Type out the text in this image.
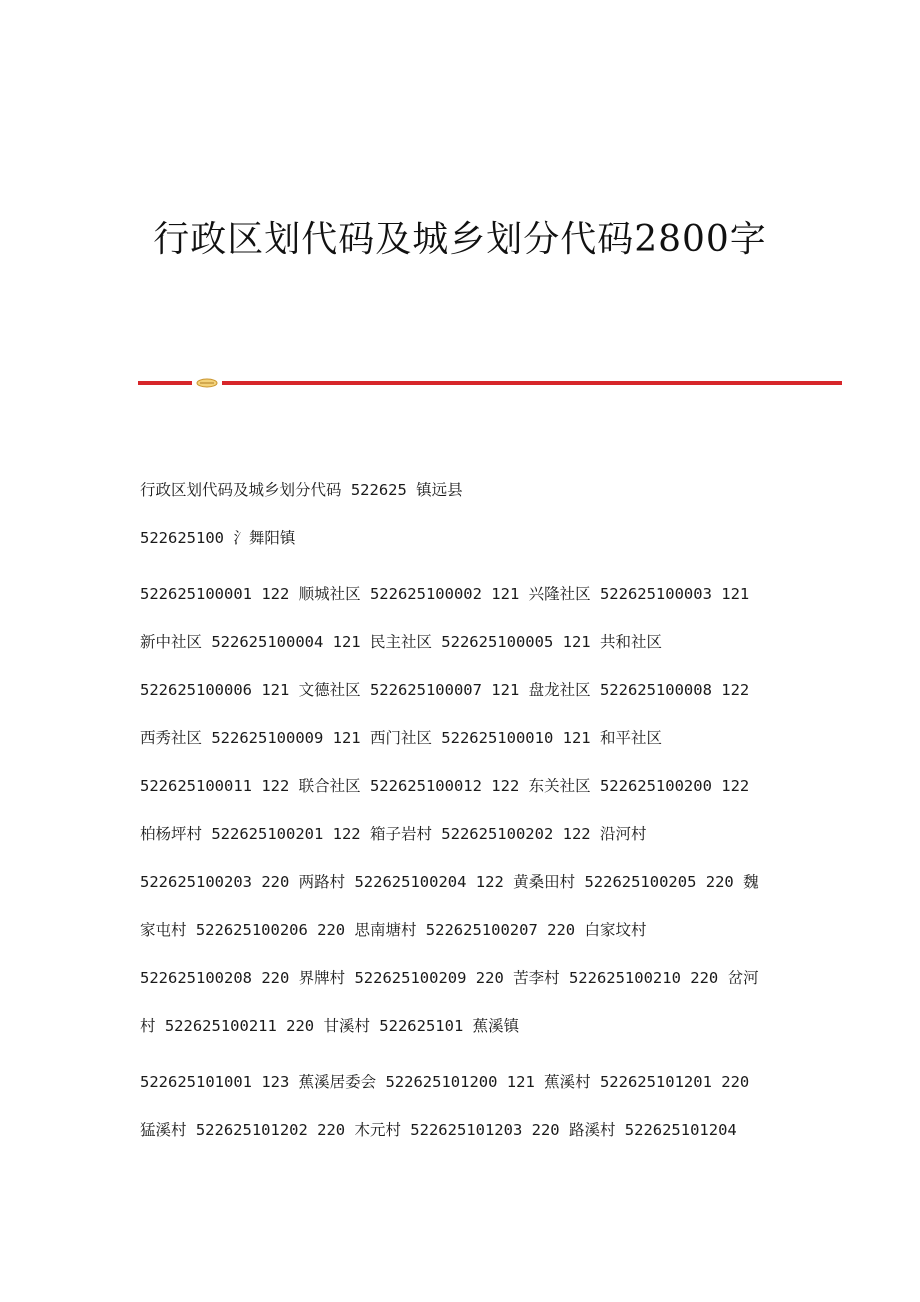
行政区划代码及城乡划分代码2800字

行政区划代码及城乡划分代码 522625 镇远县

522625100 氵舞阳镇

522625100001 122 顺城社区 522625100002 121 兴隆社区 522625100003 121

新中社区 522625100004 121 民主社区 522625100005 121 共和社区

522625100006 121 文德社区 522625100007 121 盘龙社区 522625100008 122

西秀社区 522625100009 121 西门社区 522625100010 121 和平社区

522625100011 122 联合社区 522625100012 122 东关社区 522625100200 122

柏杨坪村 522625100201 122 箱子岩村 522625100202 122 沿河村

522625100203 220 两路村 522625100204 122 黄桑田村 522625100205 220 魏

家屯村 522625100206 220 思南塘村 522625100207 220 白家坟村

522625100208 220 界牌村 522625100209 220 苦李村 522625100210 220 岔河

村 522625100211 220 甘溪村 522625101 蕉溪镇

522625101001 123 蕉溪居委会 522625101200 121 蕉溪村 522625101201 220

猛溪村 522625101202 220 木元村 522625101203 220 路溪村 522625101204
